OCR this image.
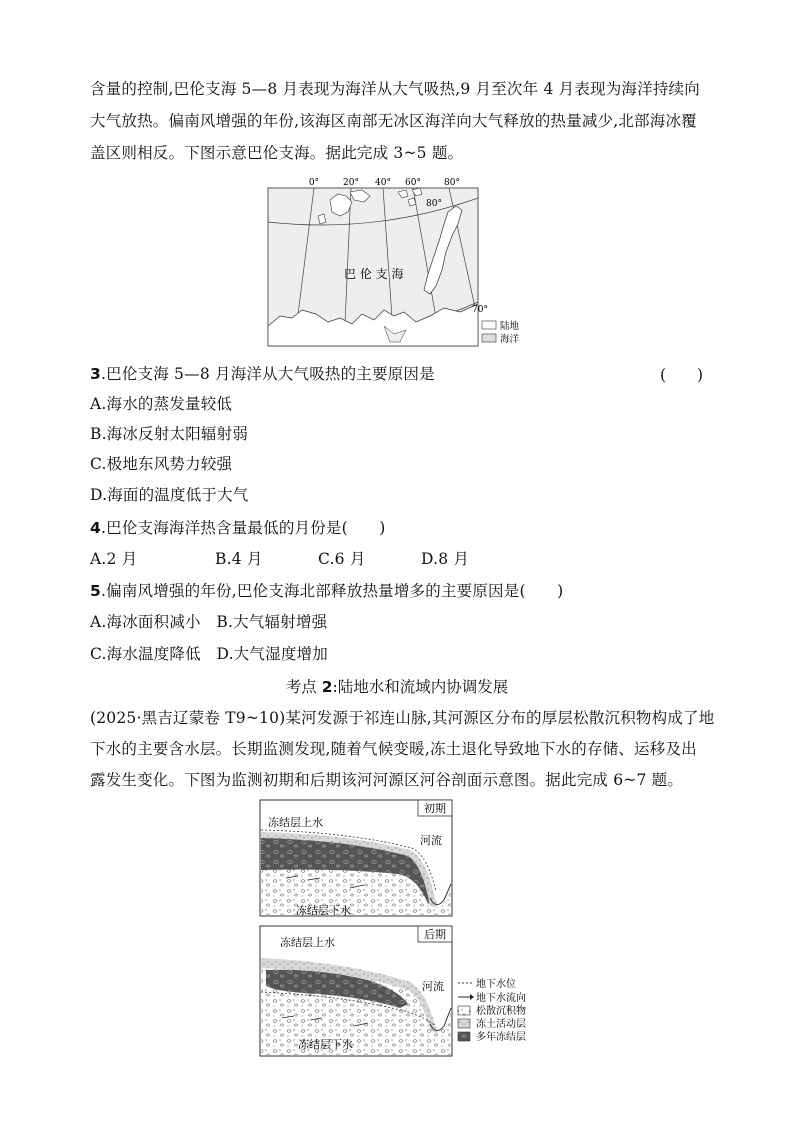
含量的控制,巴伦支海 5—8 月表现为海洋从大气吸热,9 月至次年 4 月表现为海洋持续向
大气放热。偏南风增强的年份,该海区南部无冰区海洋向大气释放的热量减少,北部海冰覆
盖区则相反。下图示意巴伦支海。据此完成 3~5 题。
0°	20° 40° 60°	80°
80°
70°
巴 伦 支 海
陆地
海洋
3.巴伦支海 5—8 月海洋从大气吸热的主要原因是	(　　)
A.海水的蒸发量较低
B.海冰反射太阳辐射弱
C.极地东风势力较强
D.海面的温度低于大气
4.巴伦支海海洋热含量最低的月份是(　　)
A.2 月	B.4 月	C.6 月	D.8 月
5.偏南风增强的年份,巴伦支海北部释放热量增多的主要原因是(　　)
A.海冰面积减小　B.大气辐射增强
C.海水温度降低　D.大气湿度增加
考点 2:陆地水和流域内协调发展
(2025·黑吉辽蒙卷 T9~10)某河发源于祁连山脉,其河源区分布的厚层松散沉积物构成了地
下水的主要含水层。长期监测发现,随着气候变暖,冻土退化导致地下水的存储、运移及出
露发生变化。下图为监测初期和后期该河河源区河谷剖面示意图。据此完成 6~7 题。
初期
冻结层上水
河流
冻结层下水
后期
冻结层上水
河流
冻结层下水
地下水位
地下水流向
松散沉积物
冻土活动层
多年冻结层
